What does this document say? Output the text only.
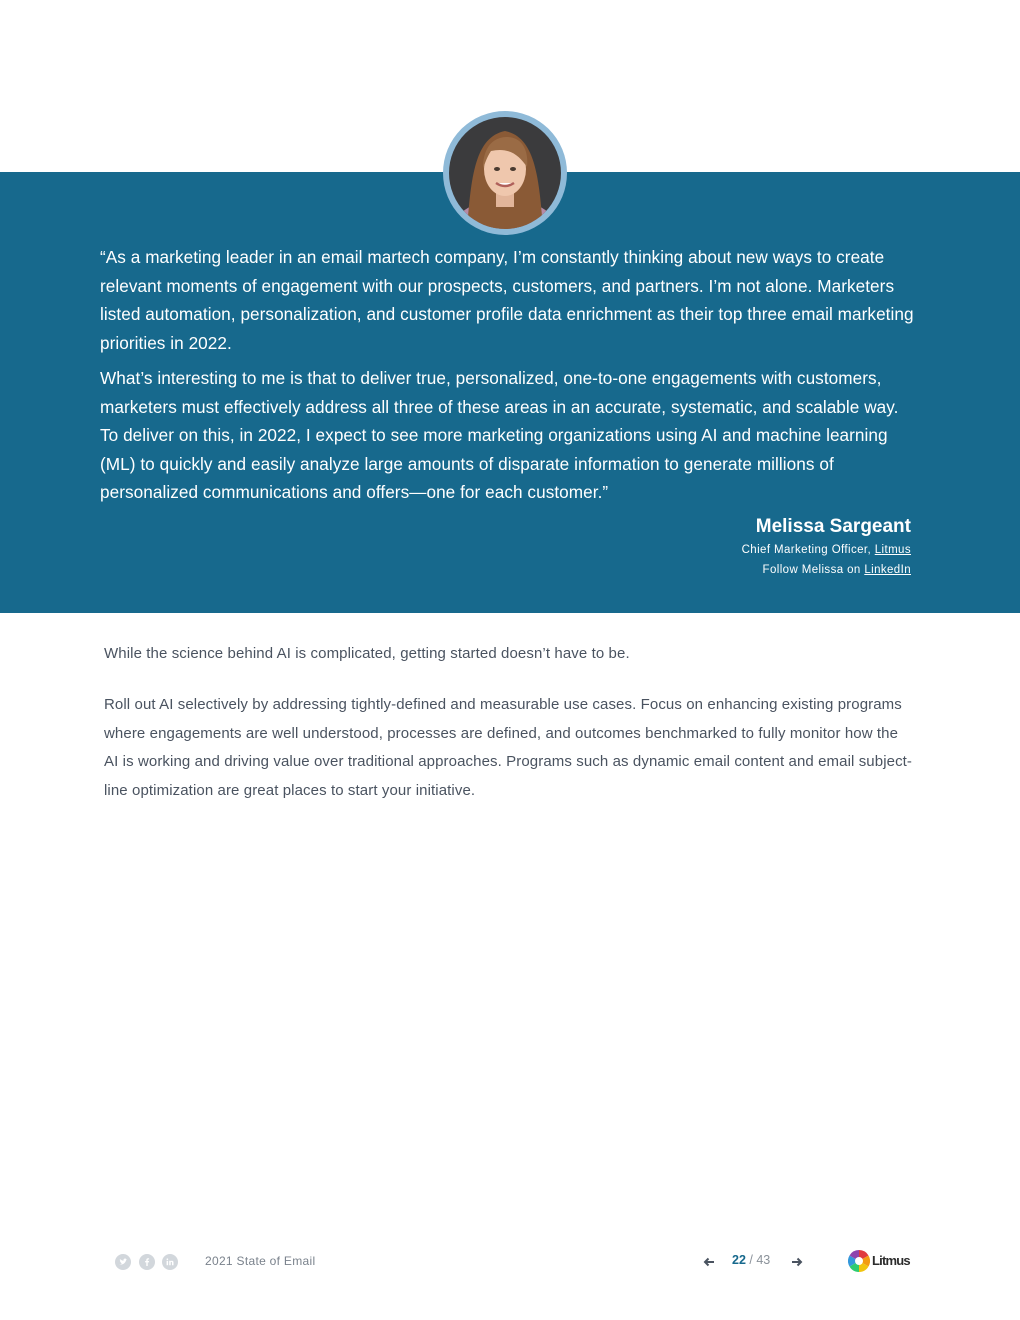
“As a marketing leader in an email martech company, I’m constantly thinking about new ways to create relevant moments of engagement with our prospects, customers, and partners. I’m not alone. Marketers listed automation, personalization, and customer profile data enrichment as their top three email marketing priorities in 2022.

What’s interesting to me is that to deliver true, personalized, one-to-one engagements with customers, marketers must effectively address all three of these areas in an accurate, systematic, and scalable way. To deliver on this, in 2022, I expect to see more marketing organizations using AI and machine learning (ML) to quickly and easily analyze large amounts of disparate information to generate millions of personalized communications and offers—one for each customer.”

Melissa Sargeant
Chief Marketing Officer, Litmus
Follow Melissa on LinkedIn

While the science behind AI is complicated, getting started doesn’t have to be.

Roll out AI selectively by addressing tightly-defined and measurable use cases. Focus on enhancing existing programs where engagements are well understood, processes are defined, and outcomes benchmarked to fully monitor how the AI is working and driving value over traditional approaches. Programs such as dynamic email content and email subject-line optimization are great places to start your initiative.

2021 State of Email	22 / 43	Litmus
